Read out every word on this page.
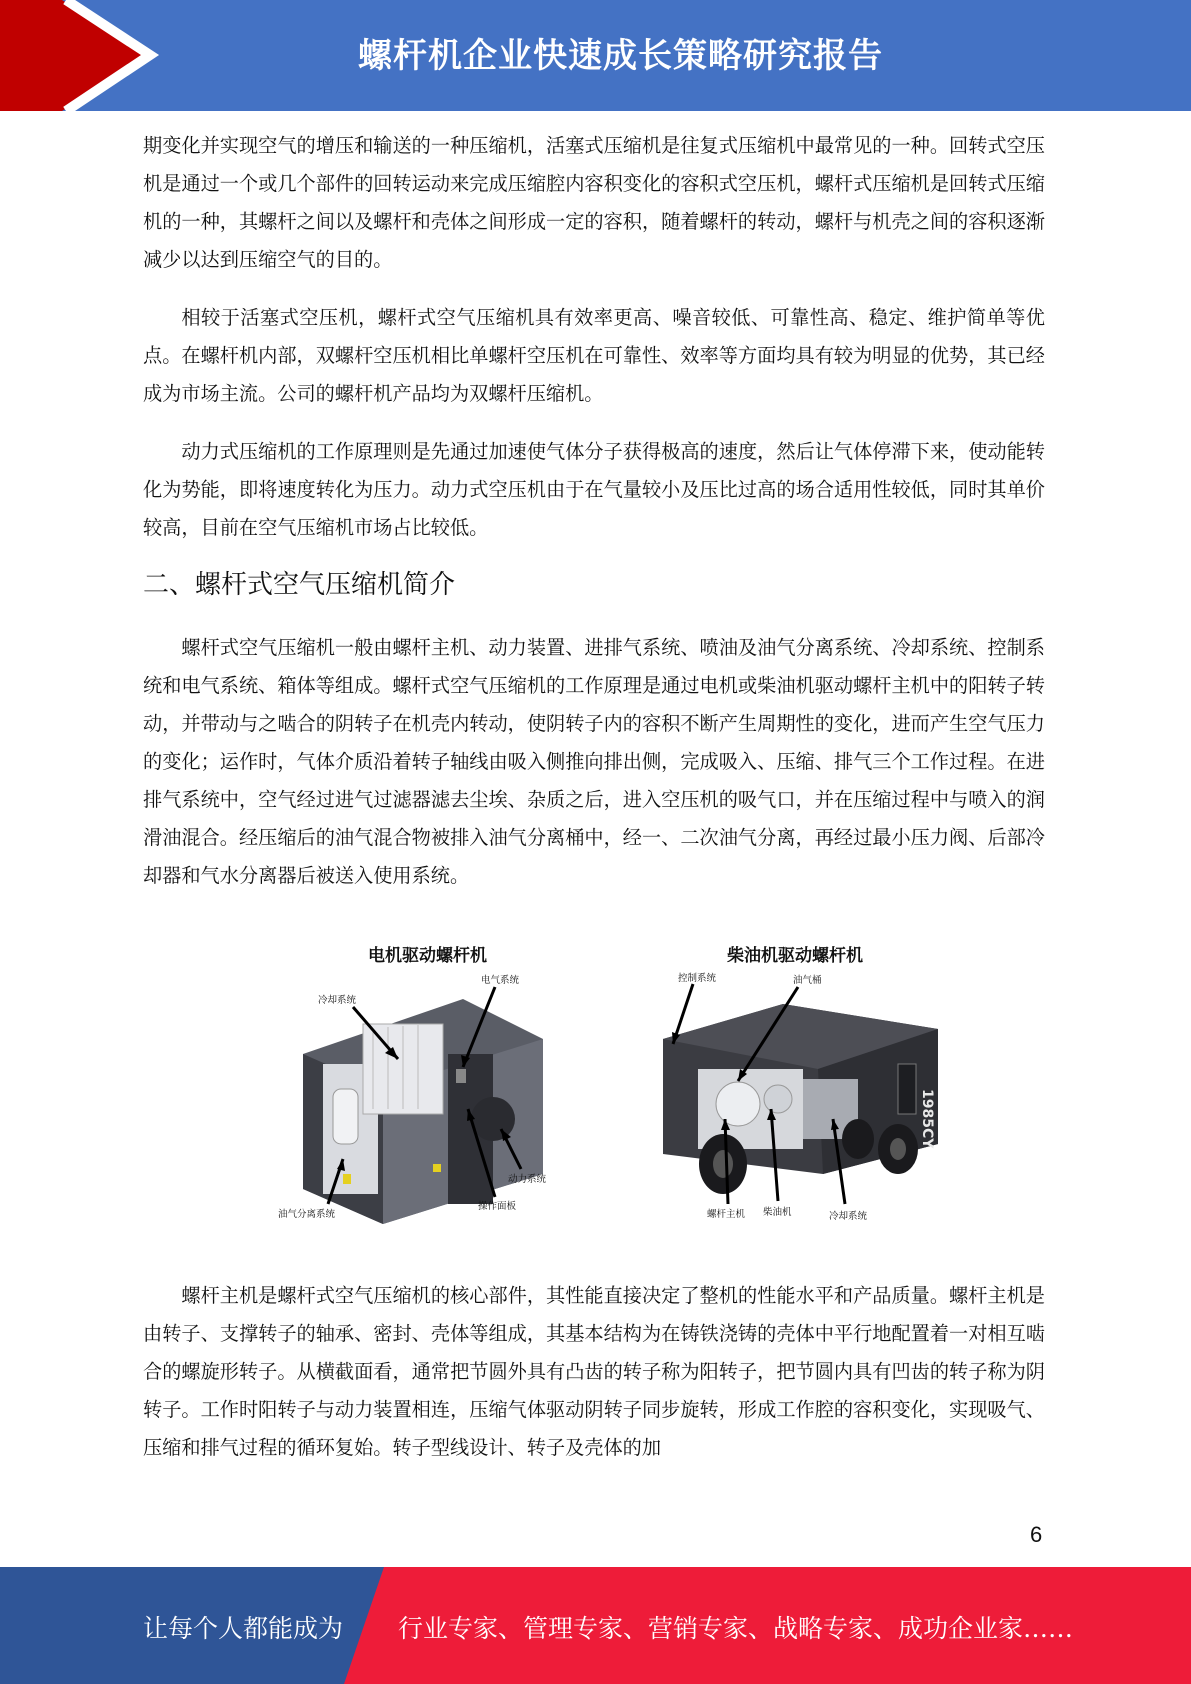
螺杆机企业快速成长策略研究报告

期变化并实现空气的增压和输送的一种压缩机，活塞式压缩机是往复式压缩机中最常见的一种。回转式空压机是通过一个或几个部件的回转运动来完成压缩腔内容积变化的容积式空压机，螺杆式压缩机是回转式压缩机的一种，其螺杆之间以及螺杆和壳体之间形成一定的容积，随着螺杆的转动，螺杆与机壳之间的容积逐渐减少以达到压缩空气的目的。

相较于活塞式空压机，螺杆式空气压缩机具有效率更高、噪音较低、可靠性高、稳定、维护简单等优点。在螺杆机内部，双螺杆空压机相比单螺杆空压机在可靠性、效率等方面均具有较为明显的优势，其已经成为市场主流。公司的螺杆机产品均为双螺杆压缩机。

动力式压缩机的工作原理则是先通过加速使气体分子获得极高的速度，然后让气体停滞下来，使动能转化为势能，即将速度转化为压力。动力式空压机由于在气量较小及压比过高的场合适用性较低，同时其单价较高，目前在空气压缩机市场占比较低。

二、螺杆式空气压缩机简介

螺杆式空气压缩机一般由螺杆主机、动力装置、进排气系统、喷油及油气分离系统、冷却系统、控制系统和电气系统、箱体等组成。螺杆式空气压缩机的工作原理是通过电机或柴油机驱动螺杆主机中的阳转子转动，并带动与之啮合的阴转子在机壳内转动，使阴转子内的容积不断产生周期性的变化，进而产生空气压力的变化；运作时，气体介质沿着转子轴线由吸入侧推向排出侧，完成吸入、压缩、排气三个工作过程。在进排气系统中，空气经过进气过滤器滤去尘埃、杂质之后，进入空压机的吸气口，并在压缩过程中与喷入的润滑油混合。经压缩后的油气混合物被排入油气分离桶中，经一、二次油气分离，再经过最小压力阀、后部冷却器和气水分离器后被送入使用系统。

电机驱动螺杆机	柴油机驱动螺杆机
电气系统
冷却系统
动力系统
操作面板
油气分离系统
1985CY
控制系统	油气桶
螺杆主机 柴油机	冷却系统

螺杆主机是螺杆式空气压缩机的核心部件，其性能直接决定了整机的性能水平和产品质量。螺杆主机是由转子、支撑转子的轴承、密封、壳体等组成，其基本结构为在铸铁浇铸的壳体中平行地配置着一对相互啮合的螺旋形转子。从横截面看，通常把节圆外具有凸齿的转子称为阳转子，把节圆内具有凹齿的转子称为阴转子。工作时阳转子与动力装置相连，压缩气体驱动阴转子同步旋转，形成工作腔的容积变化，实现吸气、压缩和排气过程的循环复始。转子型线设计、转子及壳体的加

6
让每个人都能成为 行业专家、管理专家、营销专家、战略专家、成功企业家……
